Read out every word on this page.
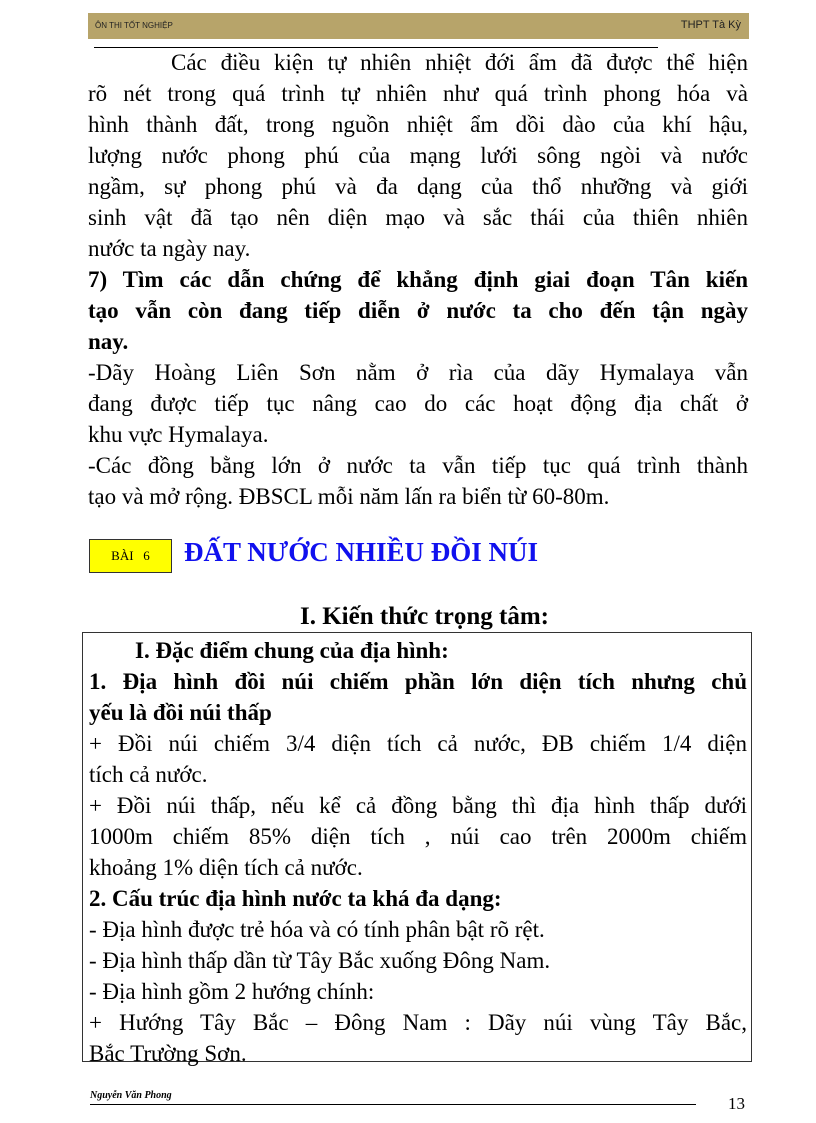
ÔN THI TỐT NGHIỆP	THPT Tà Kỳ
Các điều kiện tự nhiên nhiệt đới ẩm đã được thể hiện
rõ nét trong quá trình tự nhiên như quá trình phong hóa và
hình thành đất, trong nguồn nhiệt ẩm dồi dào của khí hậu,
lượng nước phong phú của mạng lưới sông ngòi và nước
ngầm, sự phong phú và đa dạng của thổ nhưỡng và giới
sinh vật đã tạo nên diện mạo và sắc thái của thiên nhiên
nước ta ngày nay.
7) Tìm các dẫn chứng để khẳng định giai đoạn Tân kiến
tạo vẫn còn đang tiếp diễn ở nước ta cho đến tận ngày
nay.
-Dãy Hoàng Liên Sơn nằm ở rìa của dãy Hymalaya vẫn
đang được tiếp tục nâng cao do các hoạt động địa chất ở
khu vực Hymalaya.
-Các đồng bằng lớn ở nước ta vẫn tiếp tục quá trình thành
tạo và mở rộng. ĐBSCL mỗi năm lấn ra biển từ 60-80m.
BÀI   6	ĐẤT NƯỚC NHIỀU ĐỒI NÚI
I. Kiến thức trọng tâm:
I. Đặc điểm chung của địa hình:
1. Địa hình đồi núi chiếm phần lớn diện tích nhưng chủ
yếu là đồi núi thấp
+ Đồi núi chiếm 3/4 diện tích cả nước, ĐB chiếm 1/4 diện
tích cả nước.
+ Đồi núi thấp, nếu kể cả đồng bằng thì địa hình thấp dưới
1000m chiếm 85% diện tích , núi cao trên 2000m chiếm
khoảng 1% diện tích cả nước.
2. Cấu trúc địa hình nước ta khá đa dạng:
- Địa hình được trẻ hóa và có tính phân bật rõ rệt.
- Địa hình thấp dần từ Tây Bắc xuống Đông Nam.
- Địa hình gồm 2 hướng chính:
+ Hướng Tây Bắc – Đông Nam : Dãy núi vùng Tây Bắc,
Bắc Trường Sơn.
Nguyễn Văn Phong	13
